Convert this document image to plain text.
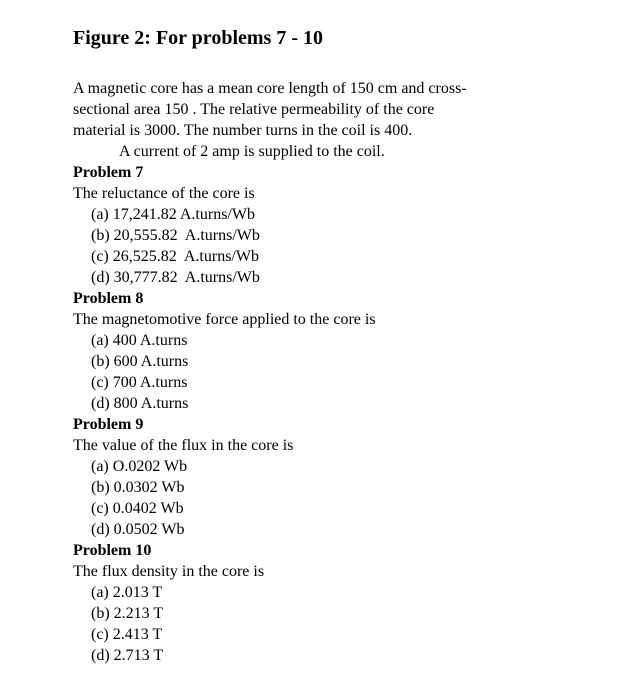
Figure 2: For problems 7 - 10
A magnetic core has a mean core length of 150 cm and cross-
sectional area 150 . The relative permeability of the core
material is 3000. The number turns in the coil is 400.
A current of 2 amp is supplied to the coil.
Problem 7
The reluctance of the core is
(a) 17,241.82 A.turns/Wb
(b) 20,555.82  A.turns/Wb
(c) 26,525.82  A.turns/Wb
(d) 30,777.82  A.turns/Wb
Problem 8
The magnetomotive force applied to the core is
(a) 400 A.turns
(b) 600 A.turns
(c) 700 A.turns
(d) 800 A.turns
Problem 9
The value of the flux in the core is
(a) O.0202 Wb
(b) 0.0302 Wb
(c) 0.0402 Wb
(d) 0.0502 Wb
Problem 10
The flux density in the core is
(a) 2.013 T
(b) 2.213 T
(c) 2.413 T
(d) 2.713 T
